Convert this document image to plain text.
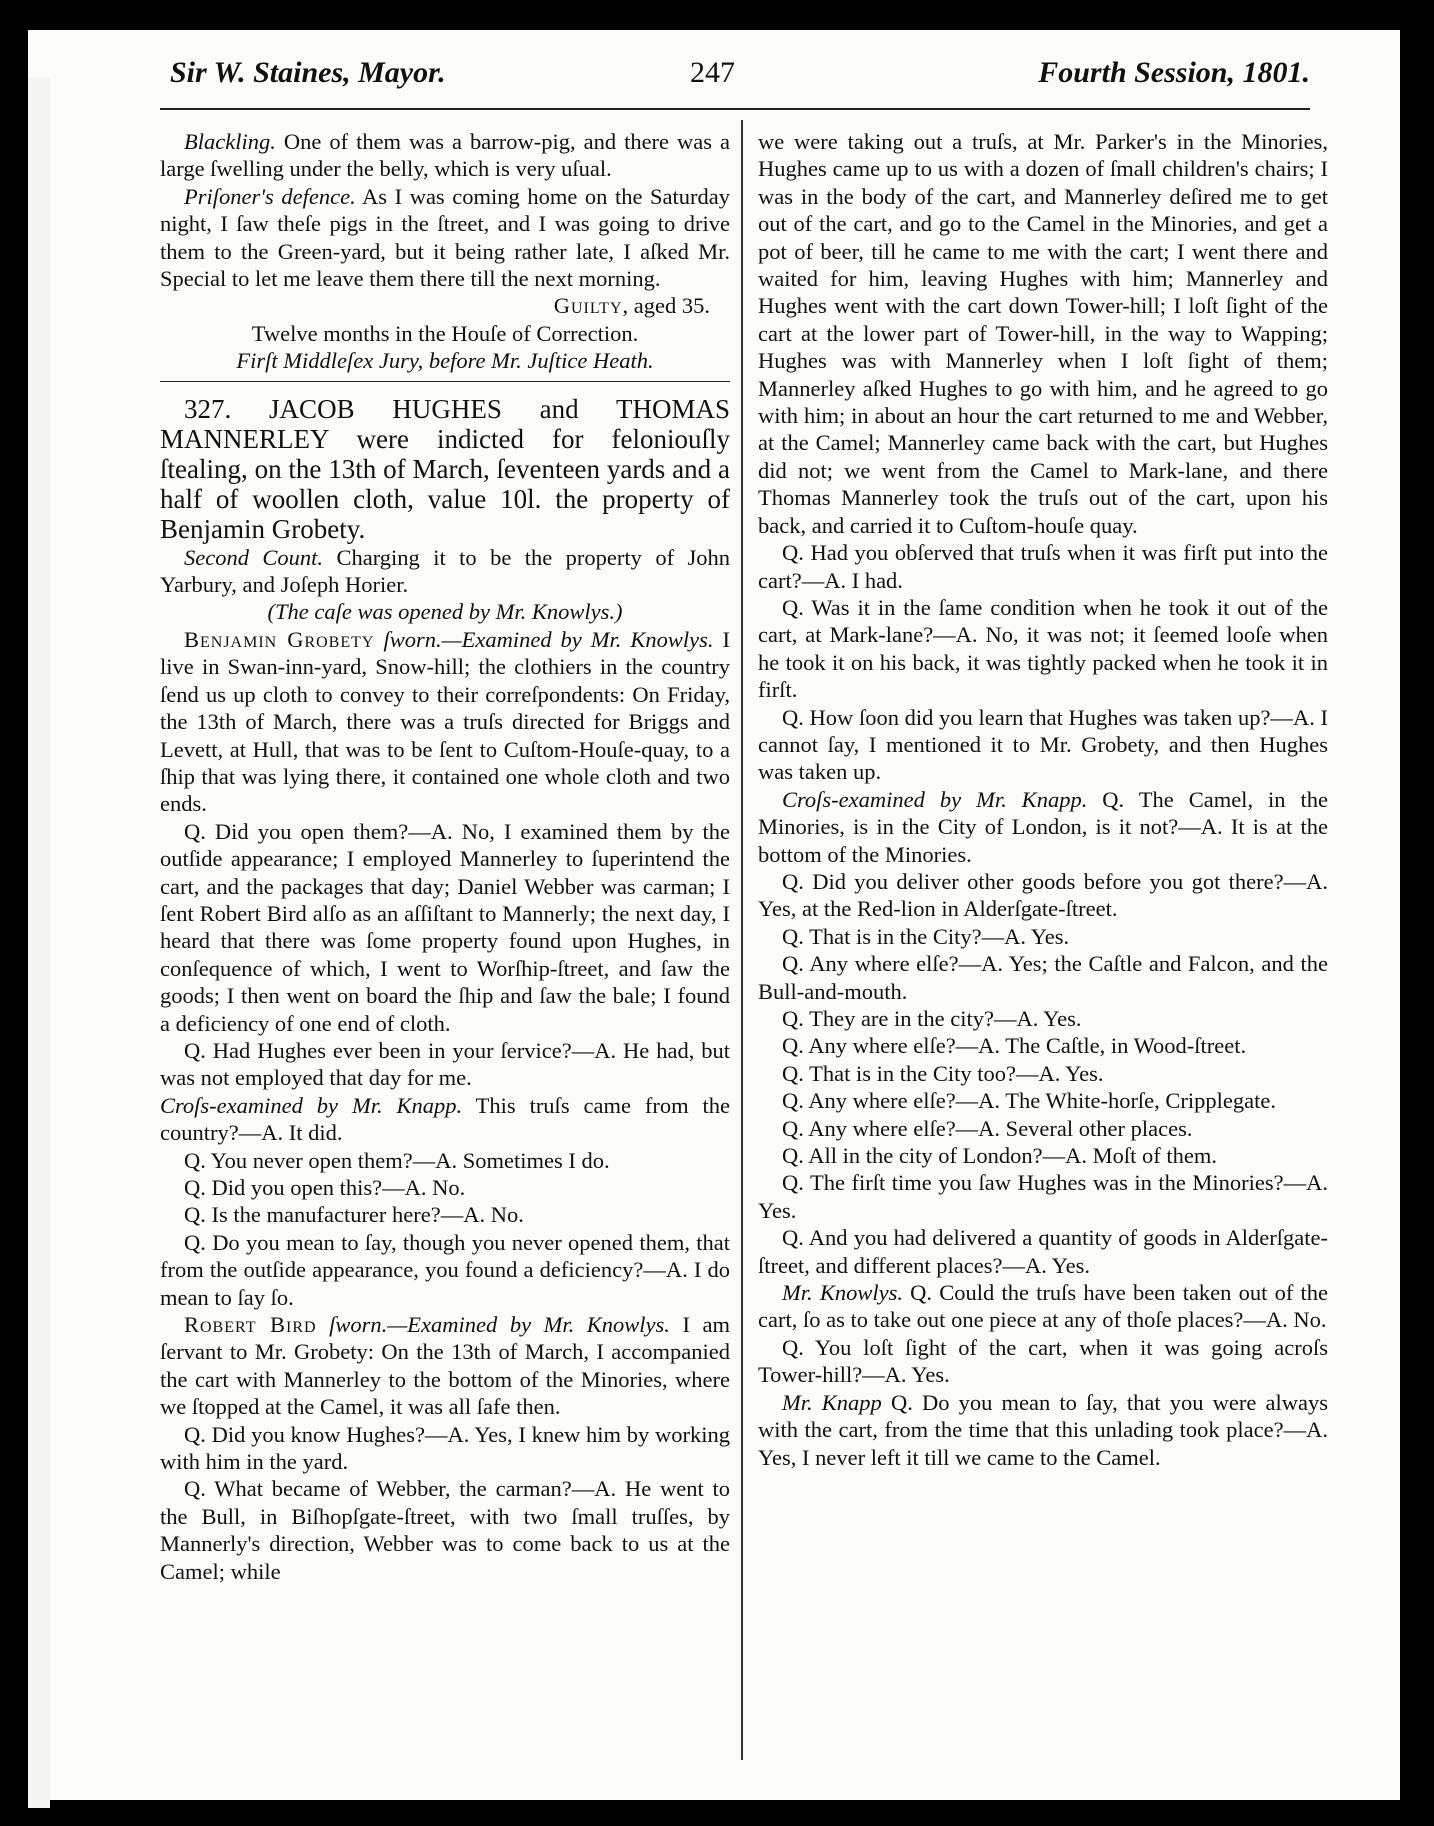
Sir W. Staines, Mayor.	247	Fourth Session, 1801.

Blackling. One of them was a barrow-pig, and there was a large ſwelling under the belly, which is very uſual.

Priſoner's defence. As I was coming home on the Saturday night, I ſaw theſe pigs in the ſtreet, and I was going to drive them to the Green-yard, but it being rather late, I aſked Mr. Special to let me leave them there till the next morning.

Guilty, aged 35.

Twelve months in the Houſe of Correction.

Firſt Middleſex Jury, before Mr. Juſtice Heath.

327. JACOB HUGHES and THOMAS MANNERLEY were indicted for feloniouſly ſtealing, on the 13th of March, ſeventeen yards and a half of woollen cloth, value 10l. the property of Benjamin Grobety.

Second Count. Charging it to be the property of John Yarbury, and Joſeph Horier.

(The caſe was opened by Mr. Knowlys.)

Benjamin Grobety ſworn.—Examined by Mr. Knowlys. I live in Swan-inn-yard, Snow-hill; the clothiers in the country ſend us up cloth to convey to their correſpondents: On Friday, the 13th of March, there was a truſs directed for Briggs and Levett, at Hull, that was to be ſent to Cuſtom-Houſe-quay, to a ſhip that was lying there, it contained one whole cloth and two ends.

Q. Did you open them?—A. No, I examined them by the outſide appearance; I employed Mannerley to ſuperintend the cart, and the packages that day; Daniel Webber was carman; I ſent Robert Bird alſo as an aſſiſtant to Mannerly; the next day, I heard that there was ſome property found upon Hughes, in conſequence of which, I went to Worſhip-ſtreet, and ſaw the goods; I then went on board the ſhip and ſaw the bale; I found a deficiency of one end of cloth.

Q. Had Hughes ever been in your ſervice?—A. He had, but was not employed that day for me.

Croſs-examined by Mr. Knapp. This truſs came from the country?—A. It did.

Q. You never open them?—A. Sometimes I do.

Q. Did you open this?—A. No.

Q. Is the manufacturer here?—A. No.

Q. Do you mean to ſay, though you never opened them, that from the outſide appearance, you found a deficiency?—A. I do mean to ſay ſo.

Robert Bird ſworn.—Examined by Mr. Knowlys. I am ſervant to Mr. Grobety: On the 13th of March, I accompanied the cart with Mannerley to the bottom of the Minories, where we ſtopped at the Camel, it was all ſafe then.

Q. Did you know Hughes?—A. Yes, I knew him by working with him in the yard.

Q. What became of Webber, the carman?—A. He went to the Bull, in Biſhopſgate-ſtreet, with two ſmall truſſes, by Mannerly's direction, Webber was to come back to us at the Camel; while

we were taking out a truſs, at Mr. Parker's in the Minories, Hughes came up to us with a dozen of ſmall children's chairs; I was in the body of the cart, and Mannerley deſired me to get out of the cart, and go to the Camel in the Minories, and get a pot of beer, till he came to me with the cart; I went there and waited for him, leaving Hughes with him; Mannerley and Hughes went with the cart down Tower-hill; I loſt ſight of the cart at the lower part of Tower-hill, in the way to Wapping; Hughes was with Mannerley when I loſt ſight of them; Mannerley aſked Hughes to go with him, and he agreed to go with him; in about an hour the cart returned to me and Webber, at the Camel; Mannerley came back with the cart, but Hughes did not; we went from the Camel to Mark-lane, and there Thomas Mannerley took the truſs out of the cart, upon his back, and carried it to Cuſtom-houſe quay.

Q. Had you obſerved that truſs when it was firſt put into the cart?—A. I had.

Q. Was it in the ſame condition when he took it out of the cart, at Mark-lane?—A. No, it was not; it ſeemed looſe when he took it on his back, it was tightly packed when he took it in firſt.

Q. How ſoon did you learn that Hughes was taken up?—A. I cannot ſay, I mentioned it to Mr. Grobety, and then Hughes was taken up.

Croſs-examined by Mr. Knapp. Q. The Camel, in the Minories, is in the City of London, is it not?—A. It is at the bottom of the Minories.

Q. Did you deliver other goods before you got there?—A. Yes, at the Red-lion in Alderſgate-ſtreet.

Q. That is in the City?—A. Yes.

Q. Any where elſe?—A. Yes; the Caſtle and Falcon, and the Bull-and-mouth.

Q. They are in the city?—A. Yes.

Q. Any where elſe?—A. The Caſtle, in Wood-ſtreet.

Q. That is in the City too?—A. Yes.

Q. Any where elſe?—A. The White-horſe, Cripplegate.

Q. Any where elſe?—A. Several other places.

Q. All in the city of London?—A. Moſt of them.

Q. The firſt time you ſaw Hughes was in the Minories?—A. Yes.

Q. And you had delivered a quantity of goods in Alderſgate-ſtreet, and different places?—A. Yes.

Mr. Knowlys. Q. Could the truſs have been taken out of the cart, ſo as to take out one piece at any of thoſe places?—A. No.

Q. You loſt ſight of the cart, when it was going acroſs Tower-hill?—A. Yes.

Mr. Knapp Q. Do you mean to ſay, that you were always with the cart, from the time that this unlading took place?—A. Yes, I never left it till we came to the Camel.
